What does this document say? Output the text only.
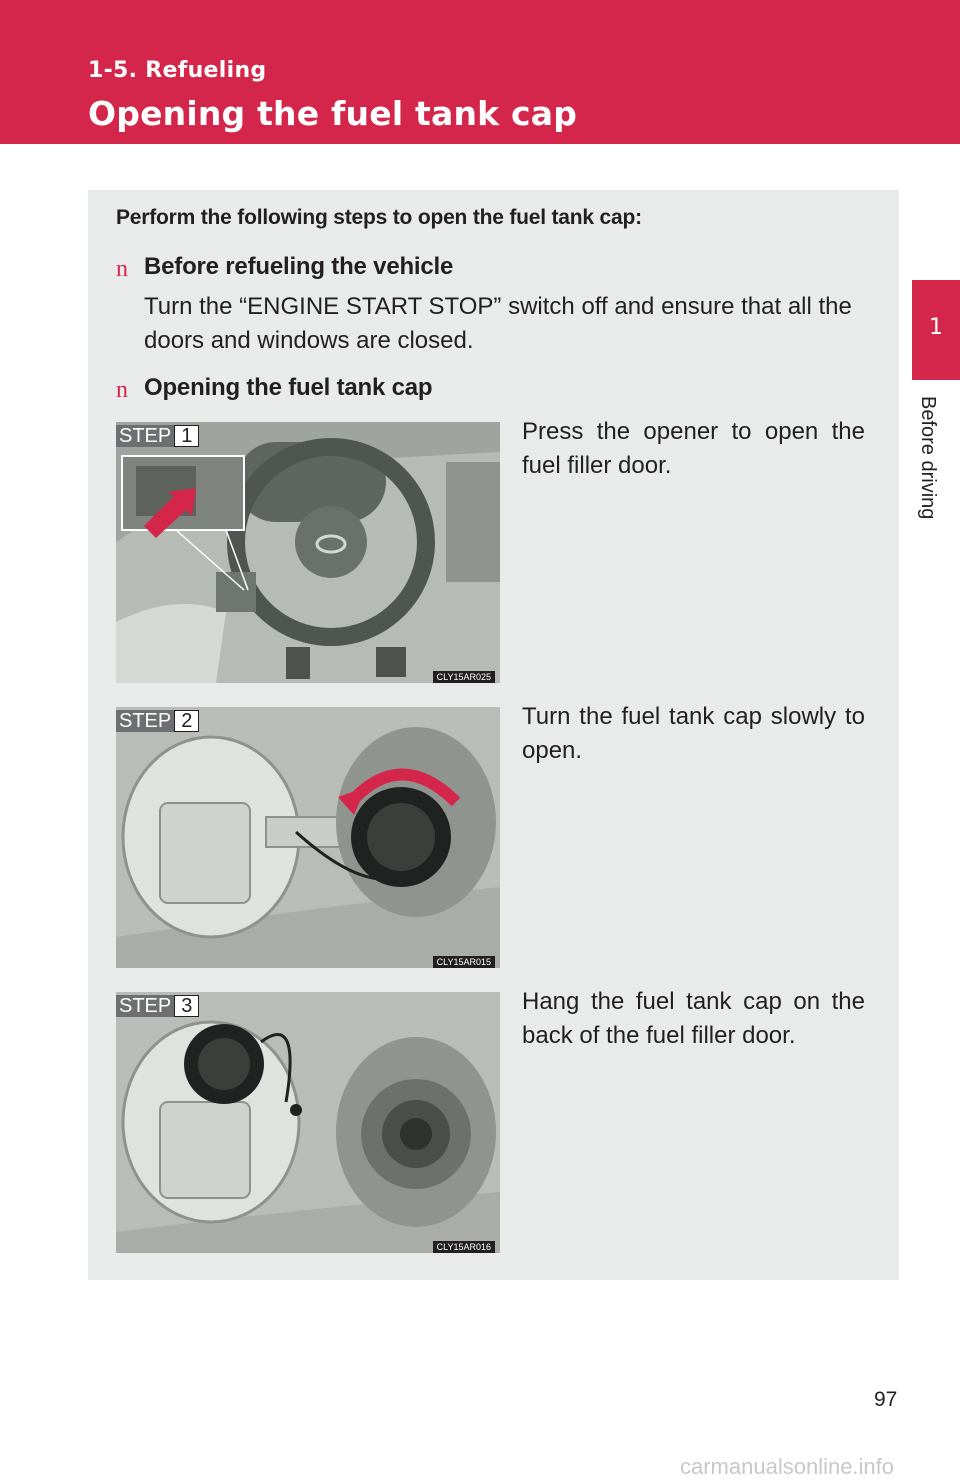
1-5. Refueling
Opening the fuel tank cap
1
Before driving
Perform the following steps to open the fuel tank cap:
n Before refueling the vehicle
Turn the “ENGINE START STOP” switch off and ensure that all the doors and windows are closed.
n Opening the fuel tank cap
STEP 1
CLY15AR025
Press the opener to open the fuel filler door.
STEP 2
CLY15AR015
Turn the fuel tank cap slowly to open.
STEP 3
CLY15AR016
Hang the fuel tank cap on the back of the fuel filler door.
97
carmanualsonline.info
